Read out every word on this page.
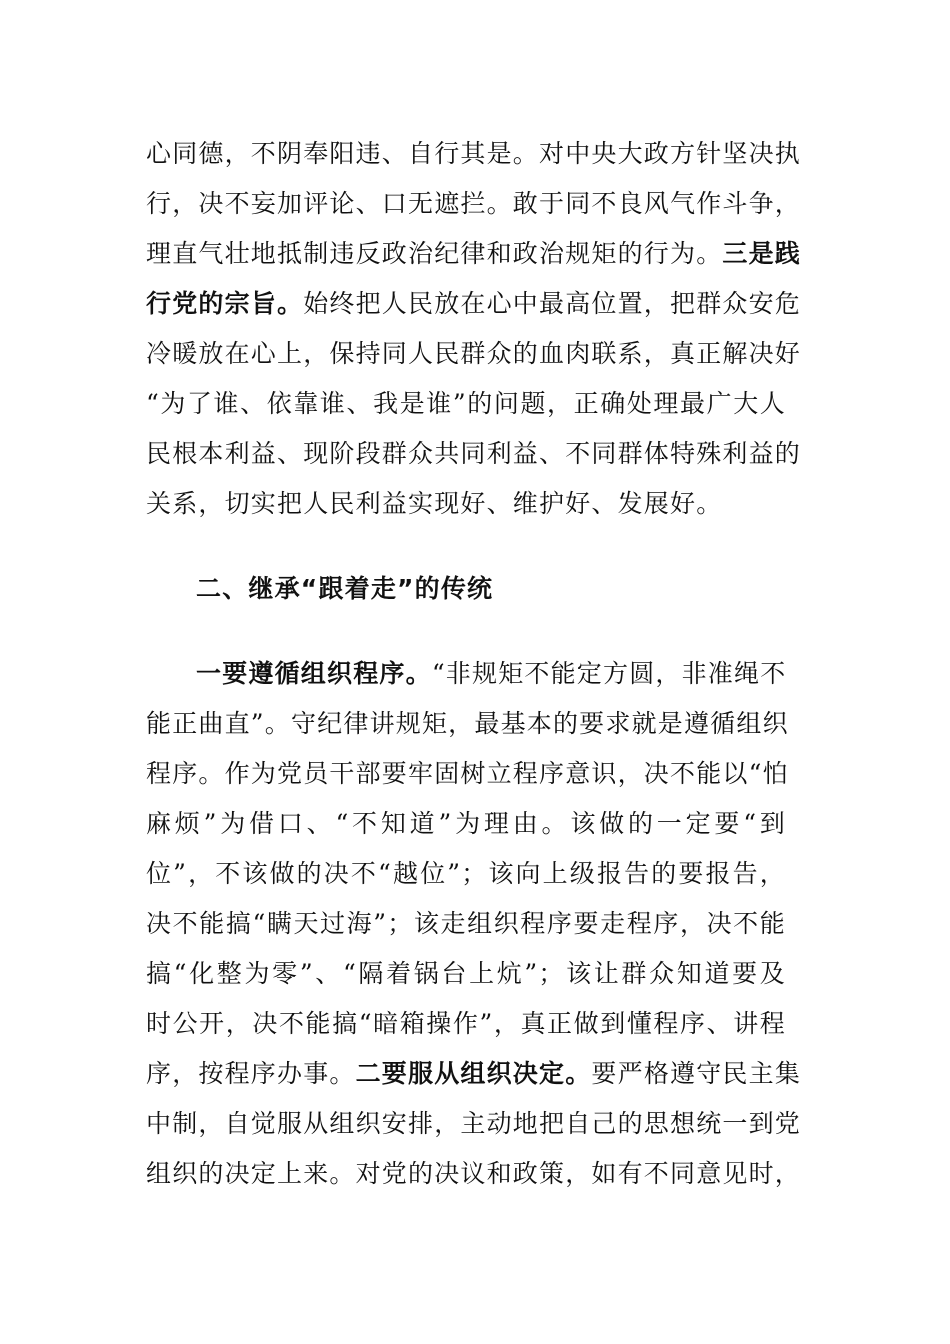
心同德，不阴奉阳违、自行其是。对中央大政方针坚决执
行，决不妄加评论、口无遮拦。敢于同不良风气作斗争，
理直气壮地抵制违反政治纪律和政治规矩的行为。三是践
行党的宗旨。始终把人民放在心中最高位置，把群众安危
冷暖放在心上，保持同人民群众的血肉联系，真正解决好
“为了谁、依靠谁、我是谁”的问题，正确处理最广大人
民根本利益、现阶段群众共同利益、不同群体特殊利益的
关系，切实把人民利益实现好、维护好、发展好。
二、继承“跟着走”的传统
一要遵循组织程序。“非规矩不能定方圆，非准绳不
能正曲直”。守纪律讲规矩，最基本的要求就是遵循组织
程序。作为党员干部要牢固树立程序意识，决不能以“怕
麻烦”为借口、“不知道”为理由。该做的一定要“到
位”，不该做的决不“越位”；该向上级报告的要报告，
决不能搞“瞒天过海”；该走组织程序要走程序，决不能
搞“化整为零”、“隔着锅台上炕”；该让群众知道要及
时公开，决不能搞“暗箱操作”，真正做到懂程序、讲程
序，按程序办事。二要服从组织决定。要严格遵守民主集
中制，自觉服从组织安排，主动地把自己的思想统一到党
组织的决定上来。对党的决议和政策，如有不同意见时，
